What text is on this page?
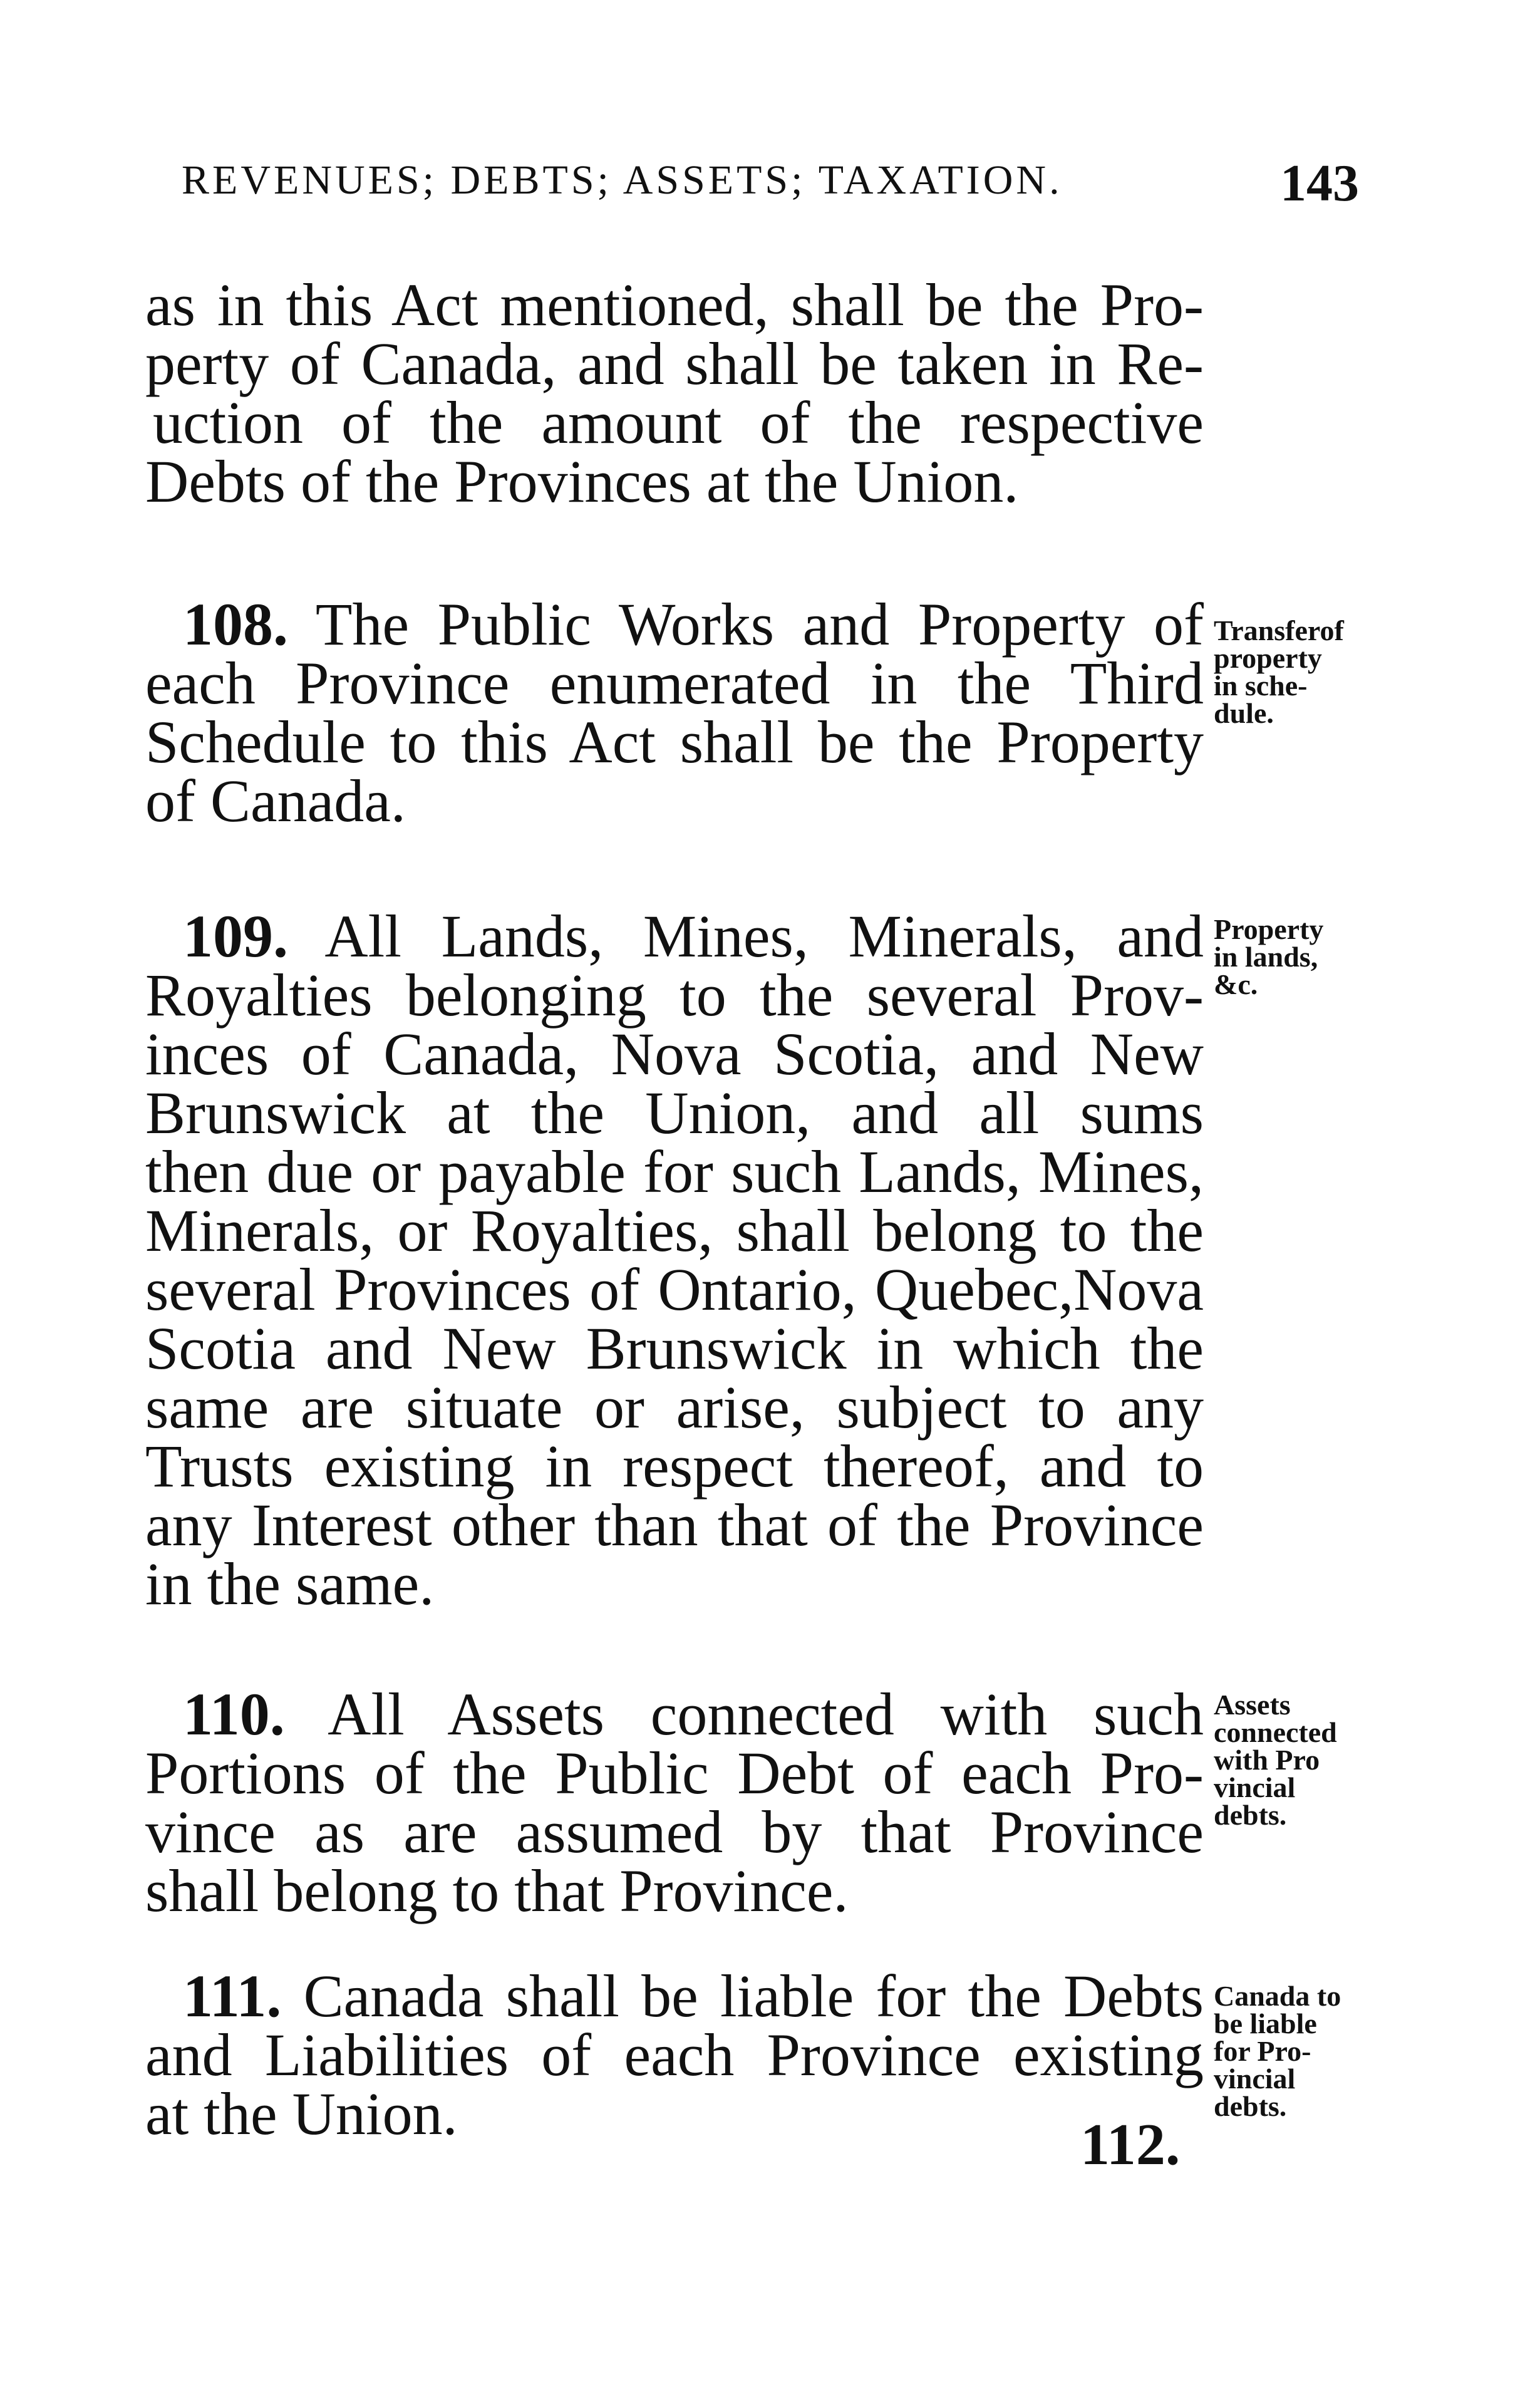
REVENUES; DEBTS; ASSETS; TAXATION.	143
as in this Act mentioned, shall be the Pro-
perty of Canada, and shall be taken in Re-
uction of the amount of the respective
Debts of the Provinces at the Union.
108. The Public Works and Property of
each Province enumerated in the Third
Schedule to this Act shall be the Property
of Canada.
Transferof
property
in sche-
dule.
109. All Lands, Mines, Minerals, and
Royalties belonging to the several Prov-
inces of Canada, Nova Scotia, and New
Brunswick at the Union, and all sums
then due or payable for such Lands, Mines,
Minerals, or Royalties, shall belong to the
several Provinces of Ontario, Quebec,Nova
Scotia and New Brunswick in which the
same are situate or arise, subject to any
Trusts existing in respect thereof, and to
any Interest other than that of the Province
in the same.
Property
in lands,
&c.
110. All Assets connected with such
Portions of the Public Debt of each Pro-
vince as are assumed by that Province
shall belong to that Province.
Assets
connected
with Pro
vincial
debts.
111. Canada shall be liable for the Debts
and Liabilities of each Province existing
at the Union.
Canada to
be liable
for Pro-
vincial
debts.
112.
